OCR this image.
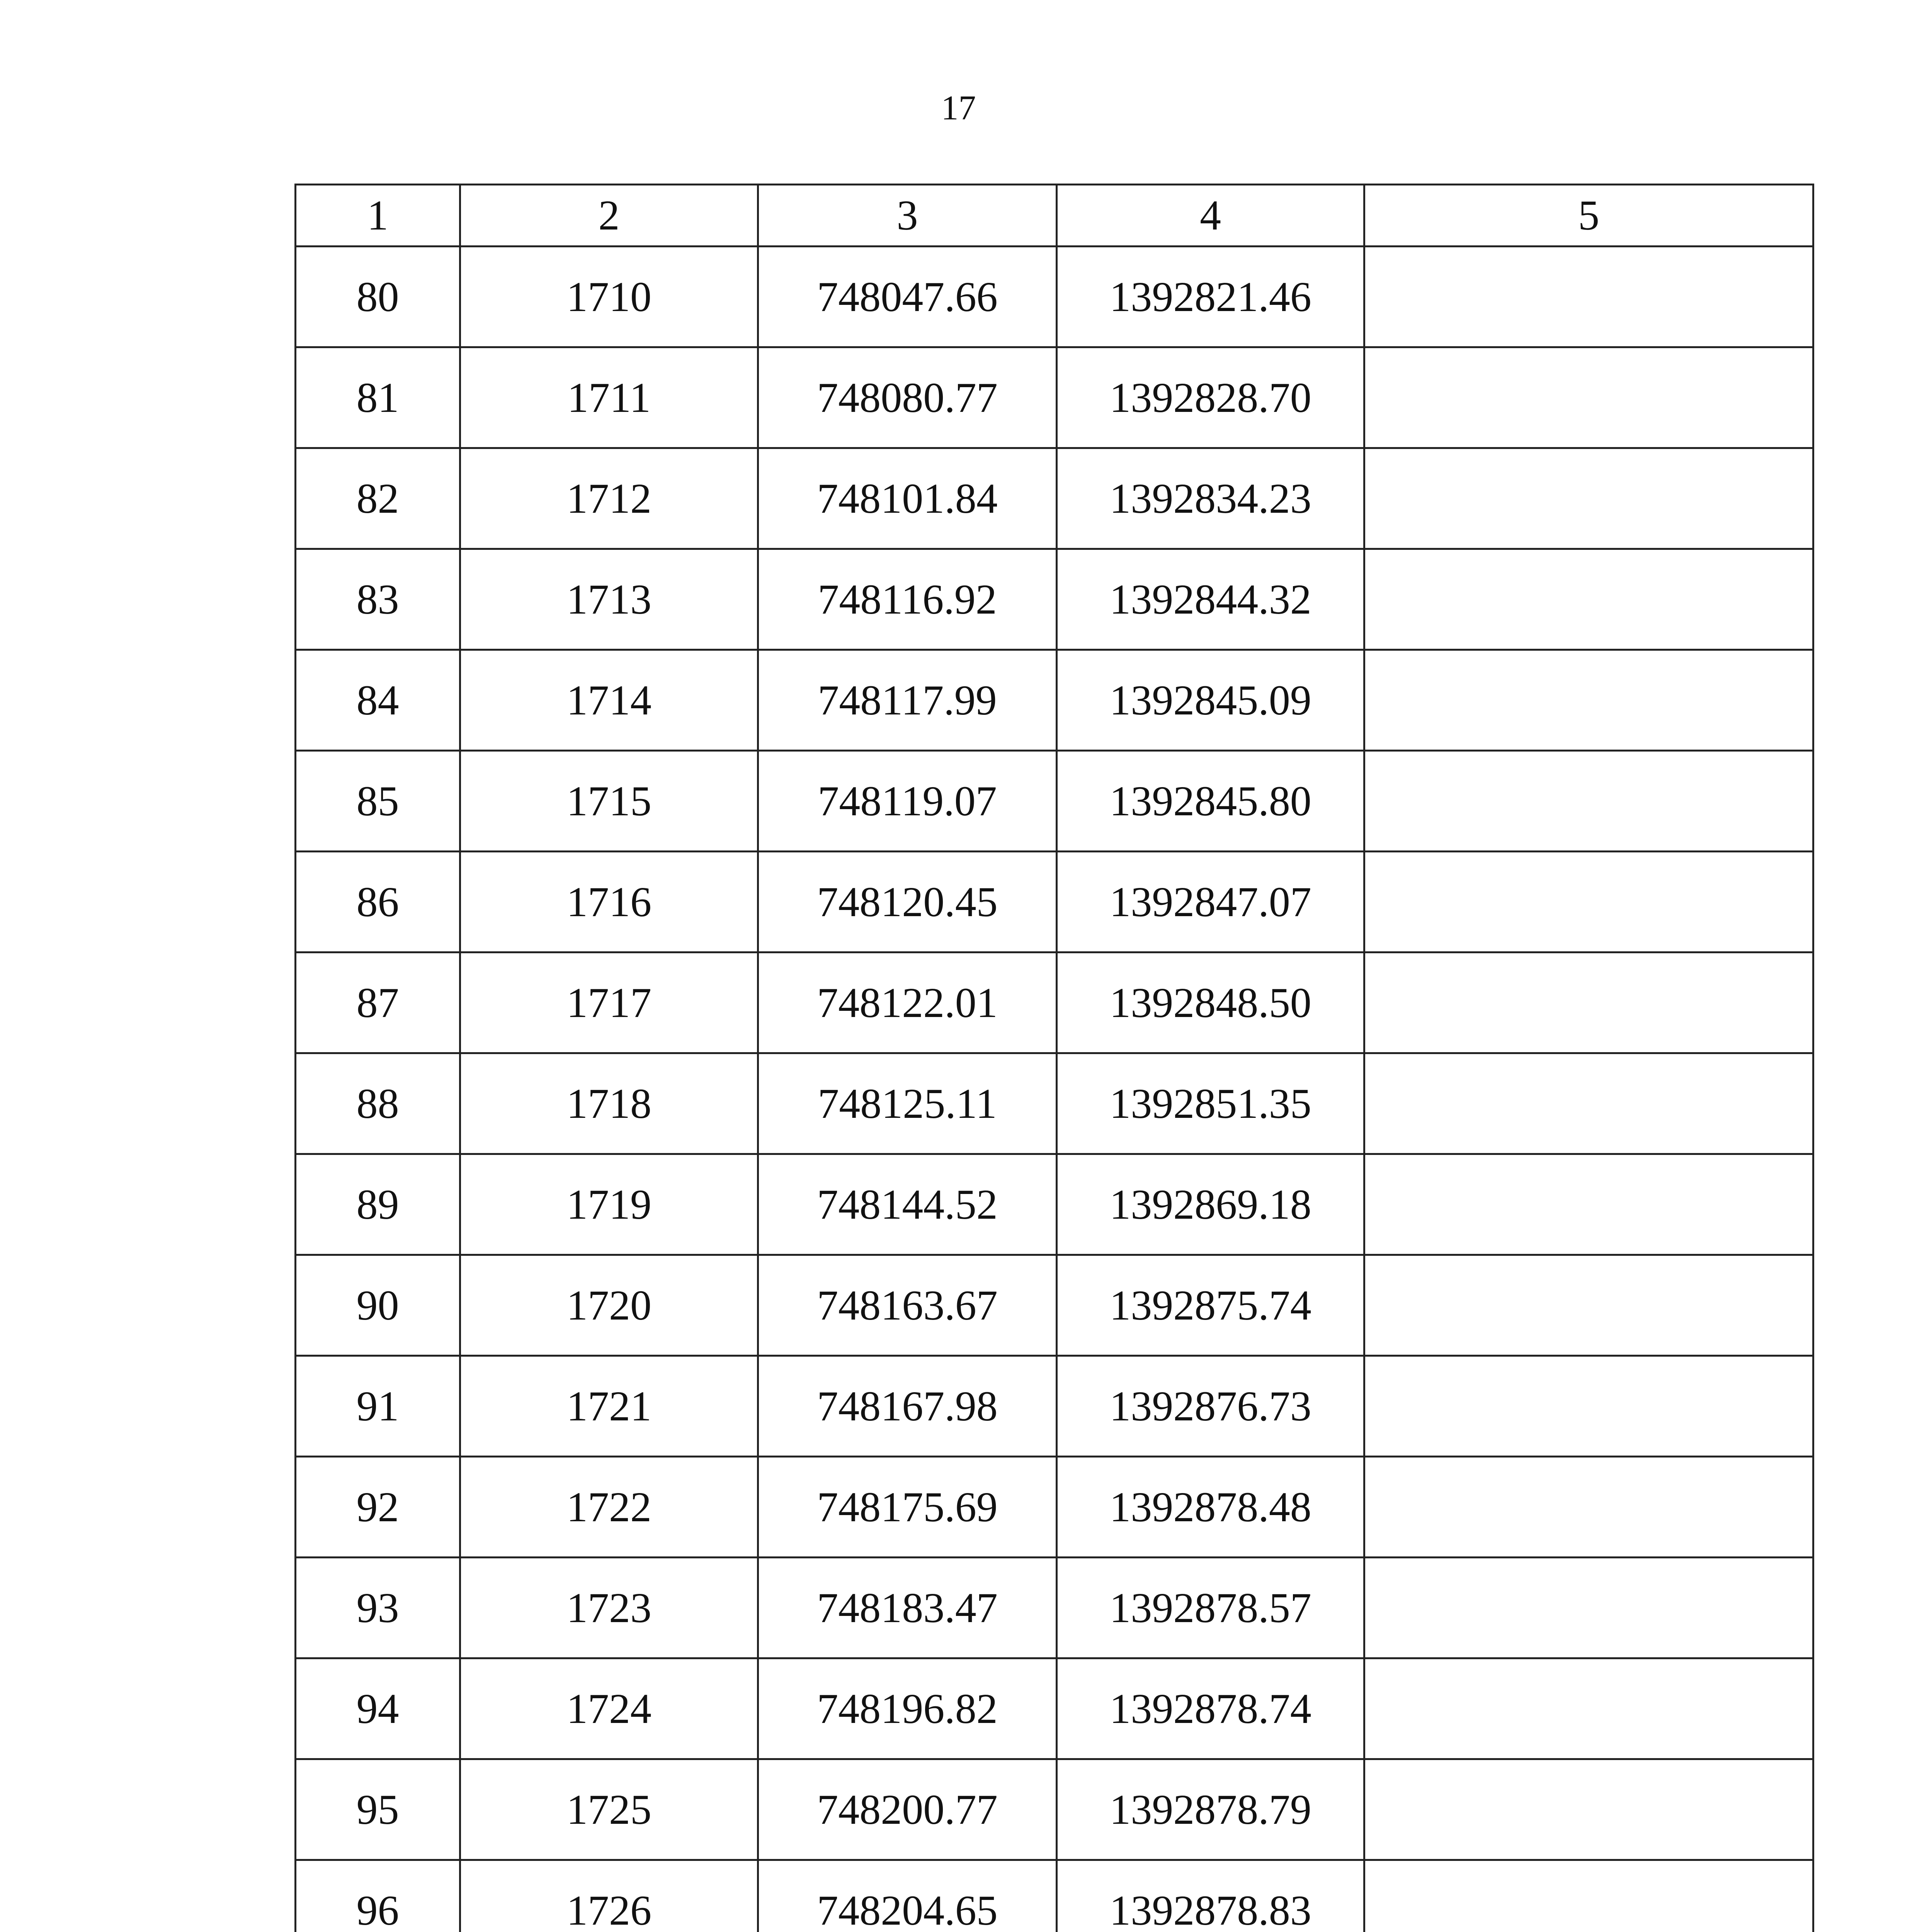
17
1	2	3	4	5
80	1710	748047.66	1392821.46	
81	1711	748080.77	1392828.70	
82	1712	748101.84	1392834.23	
83	1713	748116.92	1392844.32	
84	1714	748117.99	1392845.09	
85	1715	748119.07	1392845.80	
86	1716	748120.45	1392847.07	
87	1717	748122.01	1392848.50	
88	1718	748125.11	1392851.35	
89	1719	748144.52	1392869.18	
90	1720	748163.67	1392875.74	
91	1721	748167.98	1392876.73	
92	1722	748175.69	1392878.48	
93	1723	748183.47	1392878.57	
94	1724	748196.82	1392878.74	
95	1725	748200.77	1392878.79	
96	1726	748204.65	1392878.83	
